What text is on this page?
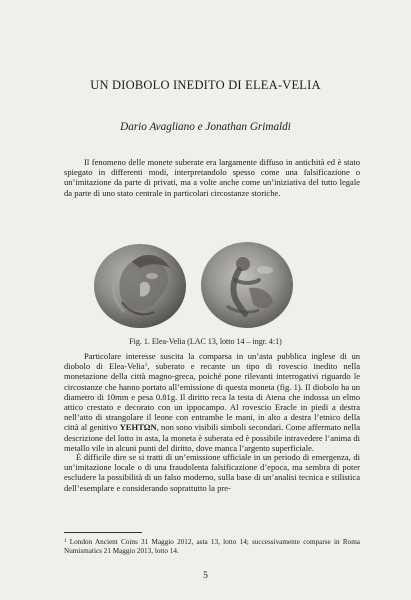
UN DIOBOLO INEDITO DI ELEA-VELIA
Dario Avagliano e Jonathan Grimaldi
Il fenomeno delle monete suberate era largamente diffuso in antichità ed è stato spiegato in differenti modi, interpretandolo spesso come una falsificazione o un’imitazione da parte di privati, ma a volte anche come un’iniziativa del tutto legale da parte di uno stato centrale in particolari circostanze storiche.
Fig. 1. Elea-Velia (LAC 13, lotto 14 – ingr. 4:1)
Particolare interesse suscita la comparsa in un’asta pubblica inglese di un diobolo di Elea-Velia$^1$, suberato e recante un tipo di rovescio inedito nella monetazione della città magno-greca, poiché pone rilevanti interrogativi riguardo le circostanze che hanno portato all’emissione di questa moneta (fig. 1). Il diobolo ha un diametro di 10mm e pesa 0.81g. Il diritto reca la testa di Atena che indossa un elmo attico crestato e decorato con un ippocampo. Al rovescio Eracle in piedi a destra nell’atto di strangolare il leone con entrambe le mani, in alto a destra l’etnico della città al genitivo ΥΕΗΤΩΝ, non sono visibili simboli secondari. Come affermato nella descrizione del lotto in asta, la moneta è suberata ed è possibile intravedere l’anima di metallo vile in alcuni punti del diritto, dove manca l’argento superficiale.
È difficile dire se si tratti di un’emissione ufficiale in un periodo di emergenza, di un’imitazione locale o di una fraudolenta falsificazione d’epoca, ma sembra di poter escludere la possibilità di un falso moderno, sulla base di un’analisi tecnica e stilistica dell’esemplare e considerando soprattutto la pre-
$^1$ London Ancient Coins 31 Maggio 2012, asta 13, lotto 14; successivamente comparse in Roma Numismatics 21 Maggio 2013, lotto 14.
5
